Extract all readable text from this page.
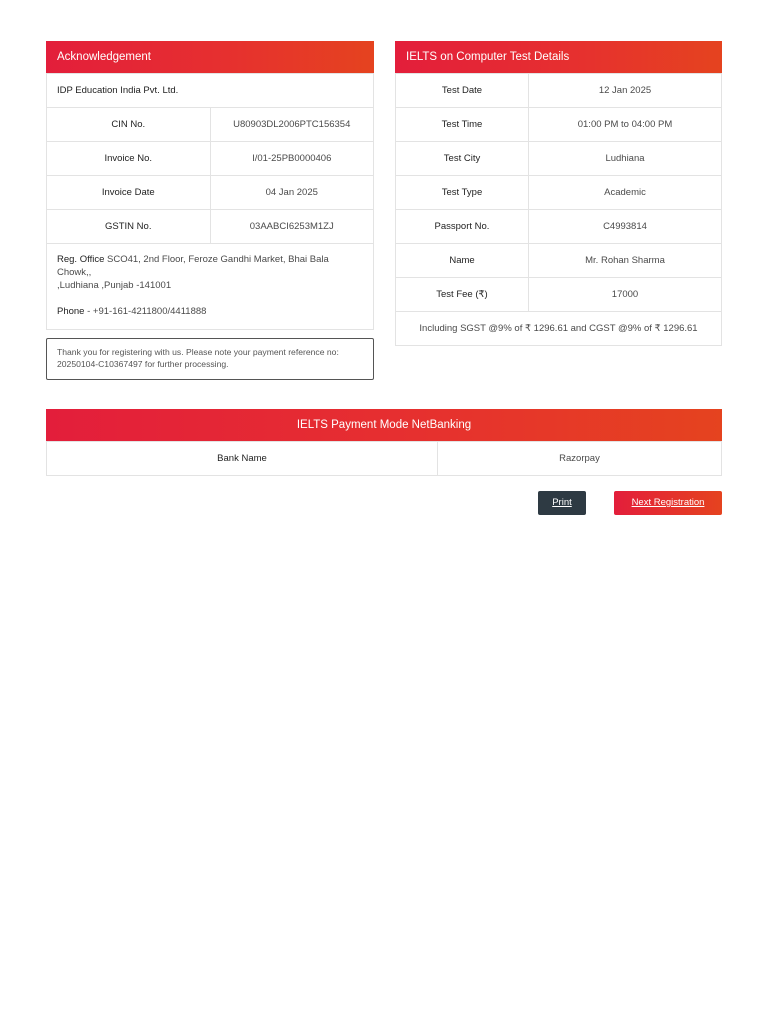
Acknowledgement
IDP Education India Pvt. Ltd.	
CIN No.	U80903DL2006PTC156354
Invoice No.	I/01-25PB0000406
Invoice Date	04 Jan 2025
GSTIN No.	03AABCI6253M1ZJ
Reg. Office SCO41, 2nd Floor, Feroze Gandhi Market, Bhai Bala Chowk,,
,Ludhiana ,Punjab -141001
Phone - +91-161-4211800/4411888
Thank you for registering with us. Please note your payment reference no: 20250104-C10367497 for further processing.
IELTS on Computer Test Details
Test Date	12 Jan 2025
Test Time	01:00 PM to 04:00 PM
Test City	Ludhiana
Test Type	Academic
Passport No.	C4993814
Name	Mr. Rohan Sharma
Test Fee (₹)	17000
Including SGST @9% of ₹ 1296.61 and CGST @9% of ₹ 1296.61	
IELTS Payment Mode NetBanking
Bank Name	Razorpay
Print	Next Registration
